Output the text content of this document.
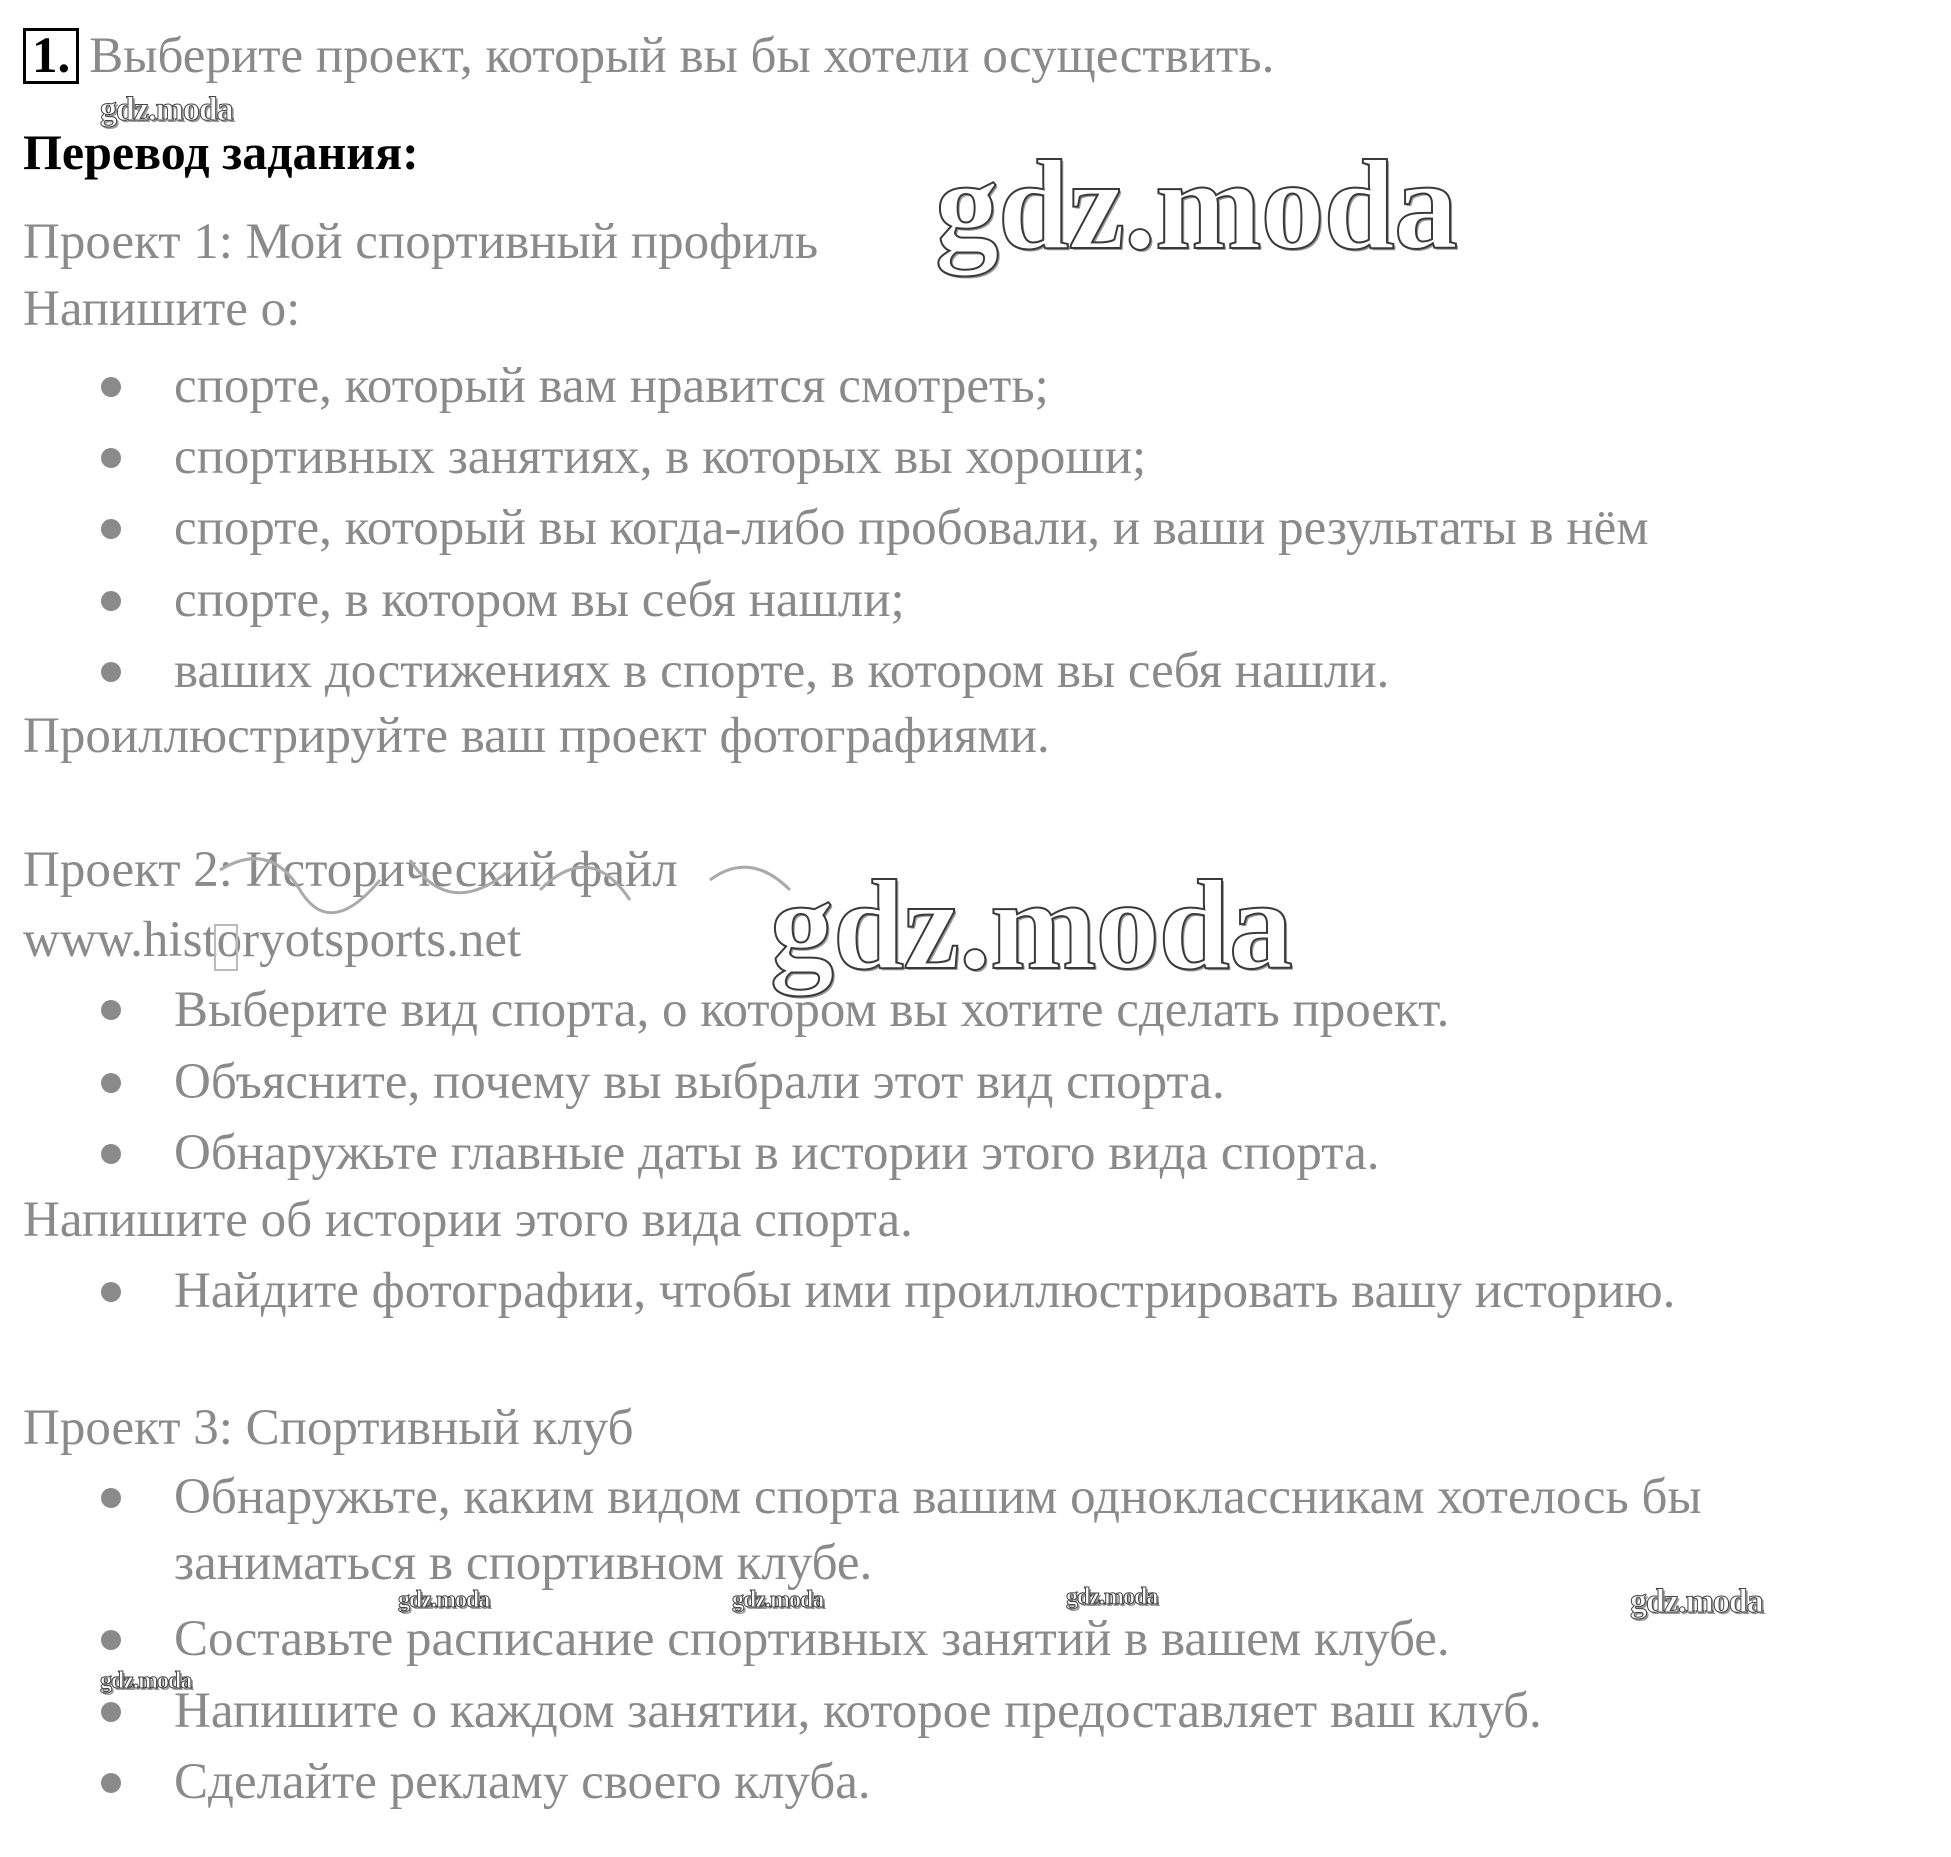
1. Выберите проект, который вы бы хотели осуществить.
Перевод задания:
Проект 1: Мой спортивный профиль
Напишите о:
спорте, который вам нравится смотреть;
спортивных занятиях, в которых вы хороши;
спорте, который вы когда-либо пробовали, и ваши результаты в нём
спорте, в котором вы себя нашли;
ваших достижениях в спорте, в котором вы себя нашли.
Проиллюстрируйте ваш проект фотографиями.
Проект 2: Исторический файл
www.historyotsports.net
Выберите вид спорта, о котором вы хотите сделать проект.
Объясните, почему вы выбрали этот вид спорта.
Обнаружьте главные даты в истории этого вида спорта.
Напишите об истории этого вида спорта.
Найдите фотографии, чтобы ими проиллюстрировать вашу историю.
Проект 3: Спортивный клуб
Обнаружьте, каким видом спорта вашим одноклассникам хотелось бы
заниматься в спортивном клубе.
Составьте расписание спортивных занятий в вашем клубе.
Напишите о каждом занятии, которое предоставляет ваш клуб.
Сделайте рекламу своего клуба.
gdz.moda
gdz.moda
gdz.moda
gdz.moda	gdz.moda	gdz.moda	gdz.moda
gdz.moda
